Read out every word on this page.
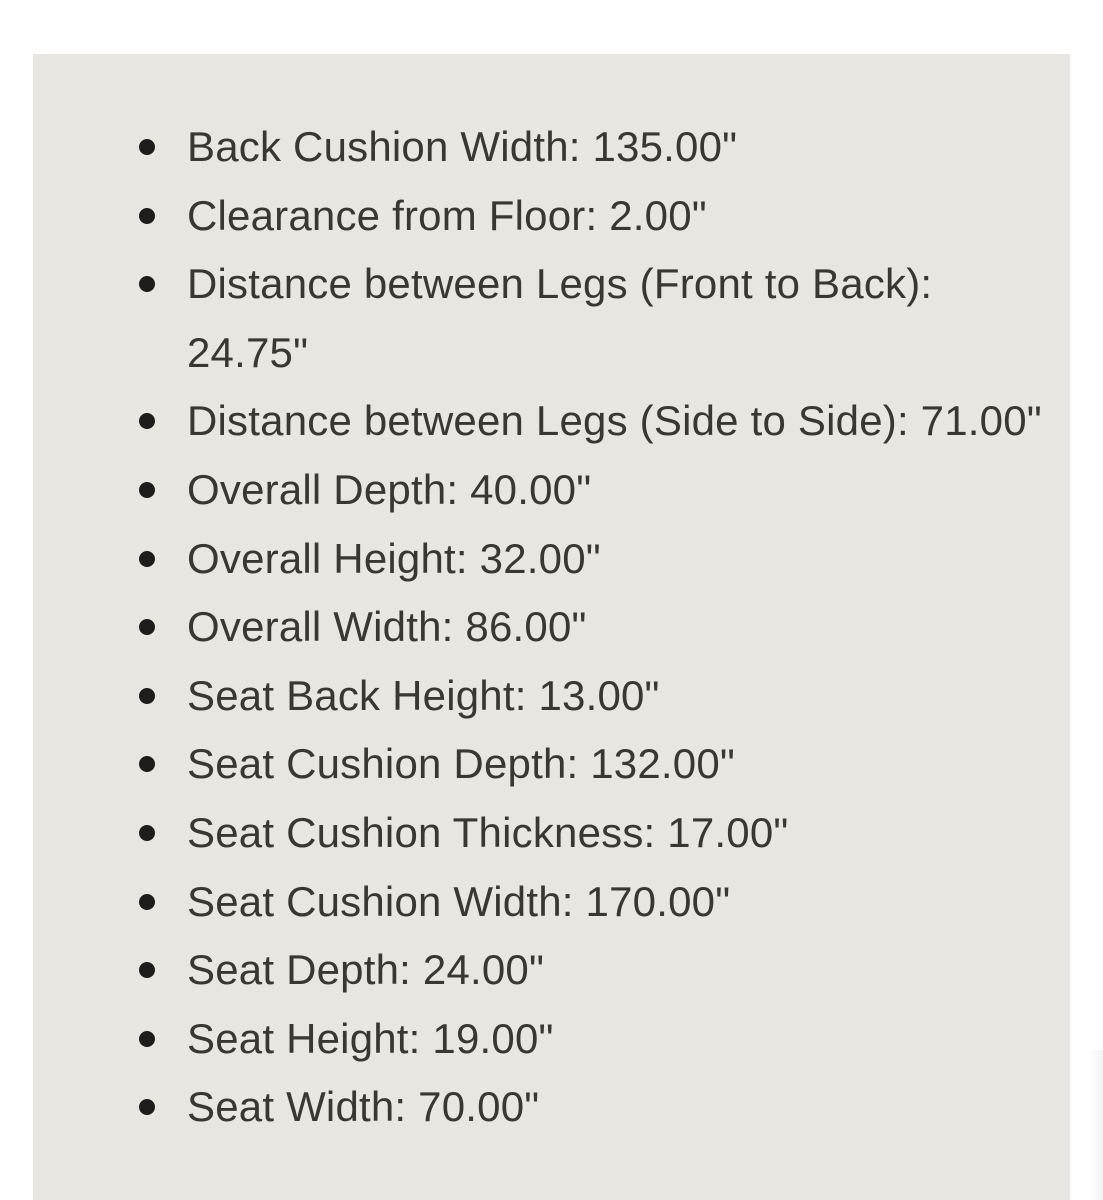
Back Cushion Width: 135.00"
Clearance from Floor: 2.00"
Distance between Legs (Front to Back): 24.75"
Distance between Legs (Side to Side): 71.00"
Overall Depth: 40.00"
Overall Height: 32.00"
Overall Width: 86.00"
Seat Back Height: 13.00"
Seat Cushion Depth: 132.00"
Seat Cushion Thickness: 17.00"
Seat Cushion Width: 170.00"
Seat Depth: 24.00"
Seat Height: 19.00"
Seat Width: 70.00"
